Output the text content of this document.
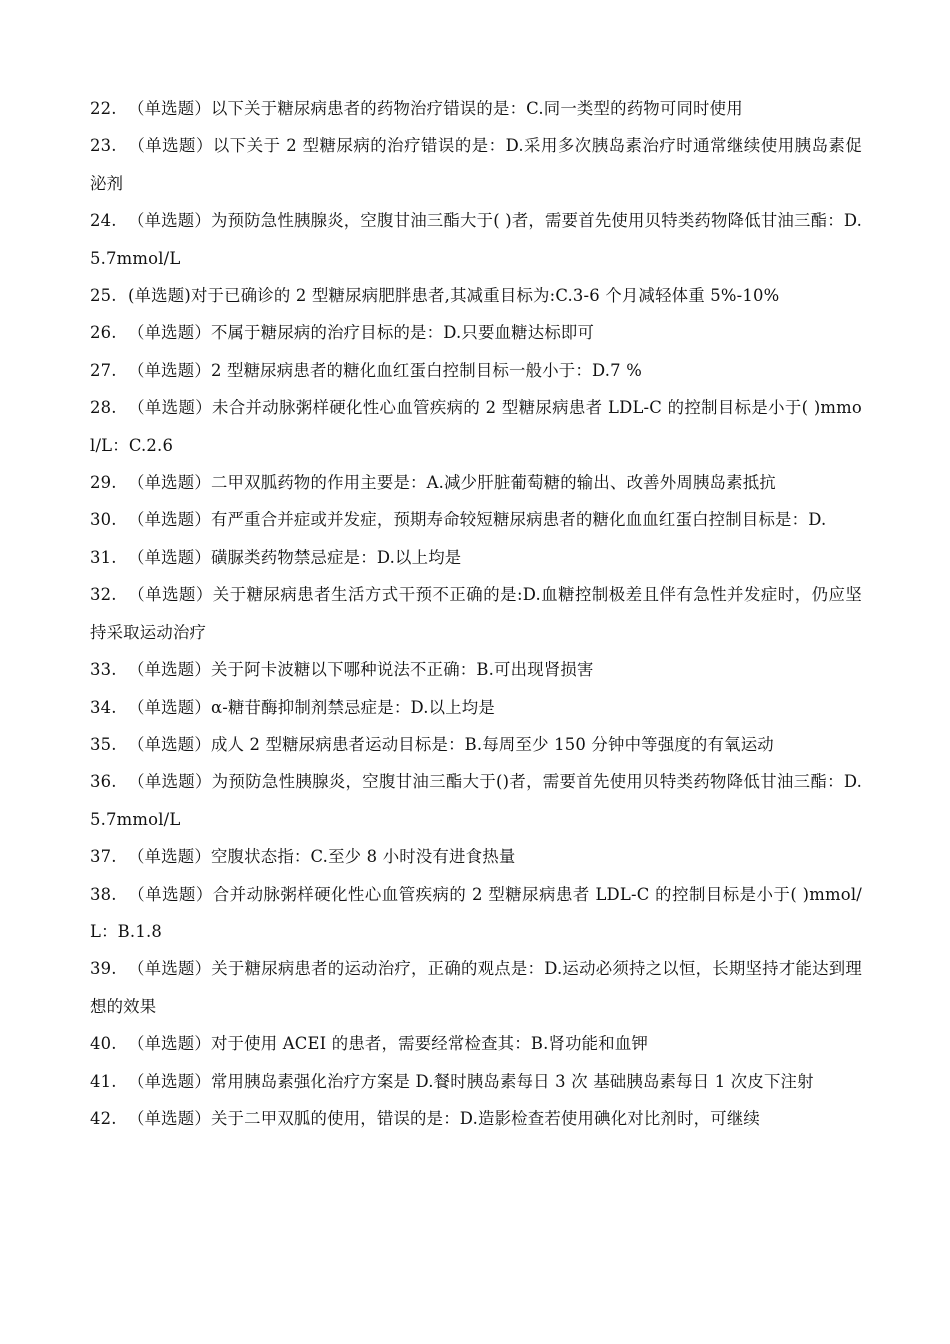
22. （单选题）以下关于糖尿病患者的药物治疗错误的是：C.同一类型的药物可同时使用

23. （单选题）以下关于 2 型糖尿病的治疗错误的是：D.采用多次胰岛素治疗时通常继续使用胰岛素促泌剂

24. （单选题）为预防急性胰腺炎，空腹甘油三酯大于( )者，需要首先使用贝特类药物降低甘油三酯：D.5.7mmol/L

25. (单选题)对于已确诊的 2 型糖尿病肥胖患者,其减重目标为:C.3-6 个月减轻体重 5%-10%

26. （单选题）不属于糖尿病的治疗目标的是：D.只要血糖达标即可

27. （单选题）2 型糖尿病患者的糖化血红蛋白控制目标一般小于：D.7 %

28. （单选题）未合并动脉粥样硬化性心血管疾病的 2 型糖尿病患者 LDL-C 的控制目标是小于( )mmol/L：C.2.6

29. （单选题）二甲双胍药物的作用主要是：A.减少肝脏葡萄糖的输出、改善外周胰岛素抵抗

30. （单选题）有严重合并症或并发症，预期寿命较短糖尿病患者的糖化血血红蛋白控制目标是：D.

31. （单选题）磺脲类药物禁忌症是：D.以上均是

32. （单选题）关于糖尿病患者生活方式干预不正确的是:D.血糖控制极差且伴有急性并发症时，仍应坚持采取运动治疗

33. （单选题）关于阿卡波糖以下哪种说法不正确：B.可出现肾损害

34. （单选题）α-糖苷酶抑制剂禁忌症是：D.以上均是

35. （单选题）成人 2 型糖尿病患者运动目标是：B.每周至少 150 分钟中等强度的有氧运动

36. （单选题）为预防急性胰腺炎，空腹甘油三酯大于()者，需要首先使用贝特类药物降低甘油三酯：D.5.7mmol/L

37. （单选题）空腹状态指：C.至少 8 小时没有进食热量

38. （单选题）合并动脉粥样硬化性心血管疾病的 2 型糖尿病患者 LDL-C 的控制目标是小于( )mmol/L：B.1.8

39. （单选题）关于糖尿病患者的运动治疗，正确的观点是：D.运动必须持之以恒，长期坚持才能达到理想的效果

40. （单选题）对于使用 ACEI 的患者，需要经常检查其：B.肾功能和血钾

41. （单选题）常用胰岛素强化治疗方案是 D.餐时胰岛素每日 3 次 基础胰岛素每日 1 次皮下注射

42. （单选题）关于二甲双胍的使用，错误的是：D.造影检查若使用碘化对比剂时，可继续
